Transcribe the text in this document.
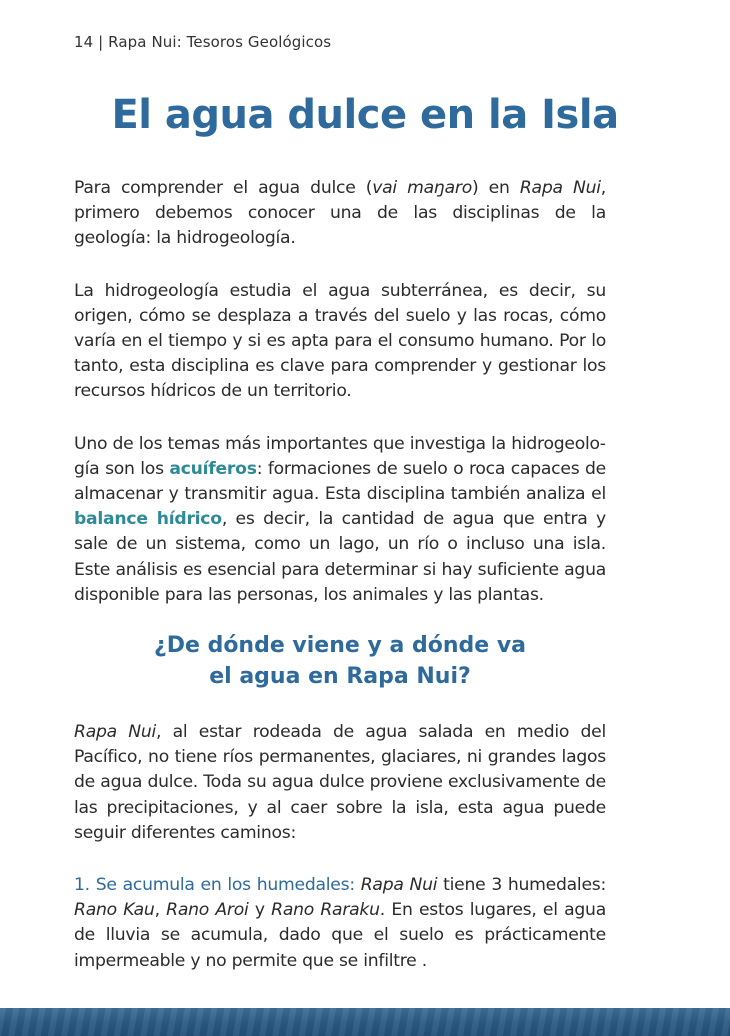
14 | Rapa Nui: Tesoros Geológicos
El agua dulce en la Isla

Para comprender el agua dulce (vai maŋaro) en Rapa Nui, primero debemos conocer una de las disciplinas de la geología: la hidrogeología.

La hidrogeología estudia el agua subterránea, es decir, su origen, cómo se desplaza a través del suelo y las rocas, cómo varía en el tiempo y si es apta para el consumo humano. Por lo tanto, esta disciplina es clave para comprender y gestionar los recursos hídricos de un territorio.

Uno de los temas más importantes que investiga la hidrogeología son los acuíferos: formaciones de suelo o roca capaces de almacenar y transmitir agua. Esta disciplina también analiza el balance hídrico, es decir, la cantidad de agua que entra y sale de un sistema, como un lago, un río o incluso una isla. Este análisis es esencial para determinar si hay suficiente agua disponible para las personas, los animales y las plantas.

¿De dónde viene y a dónde va
el agua en Rapa Nui?

Rapa Nui, al estar rodeada de agua salada en medio del Pacífico, no tiene ríos permanentes, glaciares, ni grandes lagos de agua dulce. Toda su agua dulce proviene exclusivamente de las precipitaciones, y al caer sobre la isla, esta agua puede seguir diferentes caminos:

1. Se acumula en los humedales: Rapa Nui tiene 3 humedales: Rano Kau, Rano Aroi y Rano Raraku. En estos lugares, el agua de lluvia se acumula, dado que el suelo es prácticamente impermeable y no permite que se infiltre .
